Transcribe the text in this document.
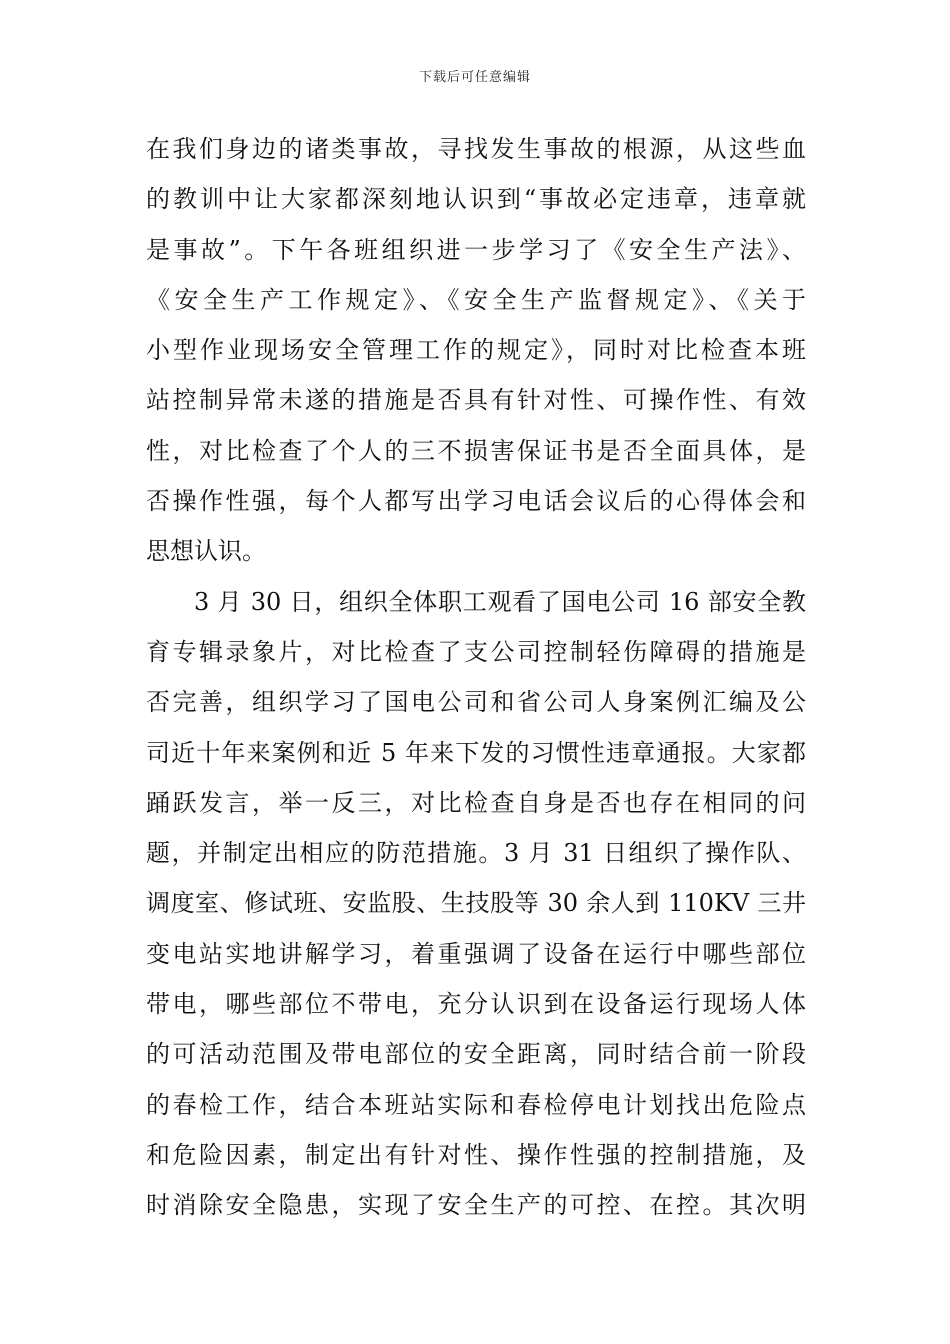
下载后可任意编辑
在我们身边的诸类事故，寻找发生事故的根源，从这些血
的教训中让大家都深刻地认识到“事故必定违章，违章就
是事故”。下午各班组织进一步学习了《安全生产法》、
《安全生产工作规定》、《安全生产监督规定》、《关于
小型作业现场安全管理工作的规定》，同时对比检查本班
站控制异常未遂的措施是否具有针对性、可操作性、有效
性，对比检查了个人的三不损害保证书是否全面具体，是
否操作性强，每个人都写出学习电话会议后的心得体会和
思想认识。
3 月 30 日，组织全体职工观看了国电公司 16 部安全教
育专辑录象片，对比检查了支公司控制轻伤障碍的措施是
否完善，组织学习了国电公司和省公司人身案例汇编及公
司近十年来案例和近 5 年来下发的习惯性违章通报。大家都
踊跃发言，举一反三，对比检查自身是否也存在相同的问
题，并制定出相应的防范措施。3 月 31 日组织了操作队、
调度室、修试班、安监股、生技股等 30 余人到 110KV 三井
变电站实地讲解学习，着重强调了设备在运行中哪些部位
带电，哪些部位不带电，充分认识到在设备运行现场人体
的可活动范围及带电部位的安全距离，同时结合前一阶段
的春检工作，结合本班站实际和春检停电计划找出危险点
和危险因素，制定出有针对性、操作性强的控制措施，及
时消除安全隐患，实现了安全生产的可控、在控。其次明
